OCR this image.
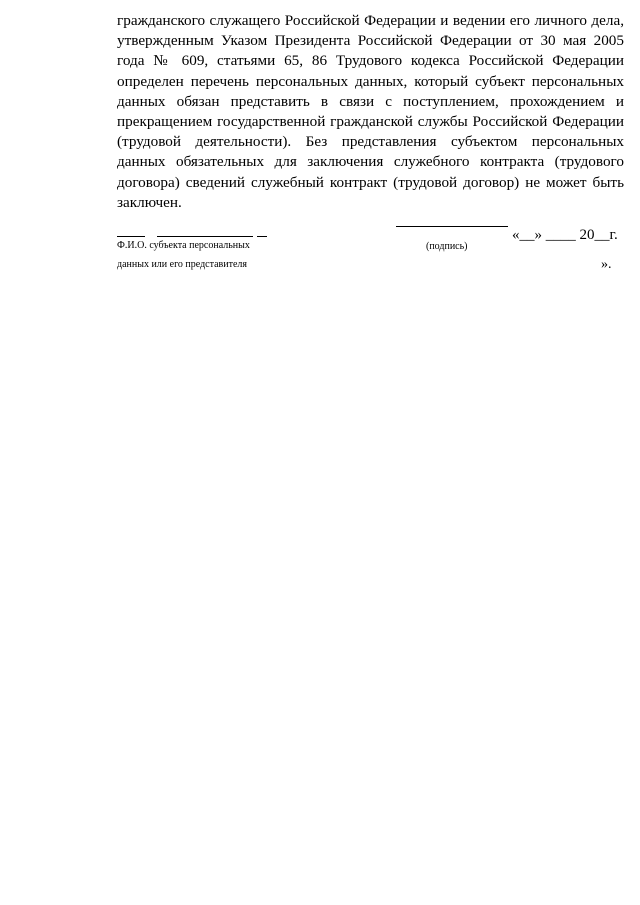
гражданского служащего Российской Федерации и ведении его личного дела,
утвержденным Указом Президента Российской Федерации от 30 мая 2005
года № 609, статьями 65, 86 Трудового кодекса Российской Федерации
определен перечень персональных данных, который субъект персональных
данных обязан представить в связи с поступлением, прохождением и
прекращением государственной гражданской службы Российской Федерации
(трудовой деятельности). Без представления субъектом персональных
данных обязательных для заключения служебного контракта (трудового
договора) сведений служебный контракт (трудовой договор) не может быть
заключен.
Ф.И.О. субъекта персональных
данных или его представителя
«__» ____ 20__г.
(подпись)
».
